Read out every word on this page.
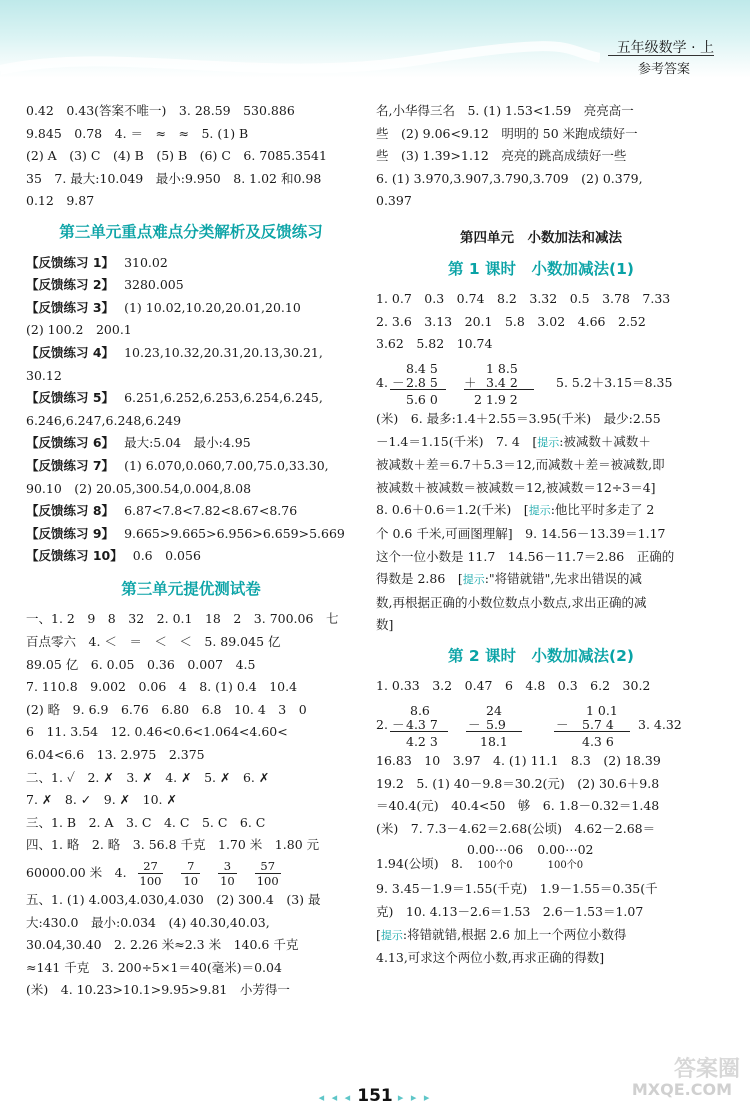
五年级数学 · 上
参考答案
0.42　0.43(答案不唯一)　3. 28.59　530.886
9.845　0.78　4. ＝　≈　≈　5. (1) B
(2) A　(3) C　(4) B　(5) B　(6) C　6. 7085.3541
35　7. 最大:10.049　最小:9.950　8. 1.02 和0.98
0.12　9.87
第三单元重点难点分类解析及反馈练习
【反馈练习 1】 310.02
【反馈练习 2】 3280.005
【反馈练习 3】 (1) 10.02,10.20,20.01,20.10
(2) 100.2　200.1
【反馈练习 4】 10.23,10.32,20.31,20.13,30.21,
30.12
【反馈练习 5】 6.251,6.252,6.253,6.254,6.245,
6.246,6.247,6.248,6.249
【反馈练习 6】 最大:5.04　最小:4.95
【反馈练习 7】 (1) 6.070,0.060,7.00,75.0,33.30,
90.10　(2) 20.05,300.54,0.004,8.08
【反馈练习 8】 6.87<7.8<7.82<8.67<8.76
【反馈练习 9】 9.665>9.665>6.956>6.659>5.669
【反馈练习 10】 0.6　0.056
第三单元提优测试卷
一、1. 2　9　8　32　2. 0.1　18　2　3. 700.06　七
百点零六　4. ＜　＝　＜　＜　5. 89.045 亿
89.05 亿　6. 0.05　0.36　0.007　4.5
7. 110.8　9.002　0.06　4　8. (1) 0.4　10.4
(2) 略　9. 6.9　6.76　6.80　6.8　10. 4　3　0
6　11. 3.54　12. 0.46<0.6<1.064<4.60<
6.04<6.6　13. 2.975　2.375
二、1. ✓　2. ✗　3. ✗　4. ✗　5. ✗　6. ✗
7. ✗　8. ✓　9. ✗　10. ✗
三、1. B　2. A　3. C　4. C　5. C　6. C
四、1. 略　2. 略　3. 56.8 千克　1.70 米　1.80 元
60000.00 米　4. $\frac{27}{100}$
$\frac{7}{10}$
$\frac{3}{10}$
$\frac{57}{100}$
五、1. (1) 4.003,4.030,4.030　(2) 300.4　(3) 最
大:430.0　最小:0.034　(4) 40.30,40.03,
30.04,30.40　2. 2.26 米≈2.3 米　140.6 千克
≈141 千克　3. 200÷5×1＝40(毫米)＝0.04
(米)　4. 10.23>10.1>9.95>9.81　小芳得一
名,小华得三名　5. (1) 1.53<1.59　亮亮高一
些　(2) 9.06<9.12　明明的 50 米跑成绩好一
些　(3) 1.39>1.12　亮亮的跳高成绩好一些
6. (1) 3.970,3.907,3.790,3.709　(2) 0.379,
0.397
第四单元　小数加法和减法
第 1 课时　小数加减法(1)
1. 0.7　0.3　0.74　8.2　3.32　0.5　3.78　7.33
2. 3.6　3.13　20.1　5.8　3.02　4.66　2.52
3.62　5.82　10.74
4.
8.4 5
－ 2.8 5
5.6 0
1 8.5
＋ 3.4 2
2 1.9 2
5. 5.2＋3.15＝8.35
(米)　6. 最多:1.4＋2.55＝3.95(千米)　最少:2.55
－1.4＝1.15(千米)　7. 4　[提示:被减数＋减数＋
被减数＋差＝6.7＋5.3＝12,而减数＋差＝被减数,即
被减数＋被减数＝被减数＝12,被减数＝12÷3＝4]
8. 0.6＋0.6＝1.2(千米)　[提示:他比平时多走了 2
个 0.6 千米,可画图理解]　9. 14.56－13.39＝1.17
这个一位小数是 11.7　14.56－11.7＝2.86　正确的
得数是 2.86　[提示:"将错就错",先求出错误的减
数,再根据正确的小数位数点小数点,求出正确的减
数]
第 2 课时　小数加减法(2)
1. 0.33　3.2　0.47　6　4.8　0.3　6.2　30.2
2.
8.6
－ 4.3 7
4.2 3
24
－ 5.9
18.1
1 0.1
－ 5.7 4
4.3 6
3. 4.32
16.83　10　3.97　4. (1) 11.1　8.3　(2) 18.39
19.2　5. (1) 40－9.8＝30.2(元)　(2) 30.6＋9.8
＝40.4(元)　40.4<50　够　6. 1.8－0.32＝1.48
(米)　7. 7.3－4.62＝2.68(公顷)　4.62－2.68＝
1.94(公顷)　8. 0.00⋯06
100个0
0.00⋯02
100个0
9. 3.45－1.9＝1.55(千克)　1.9－1.55＝0.35(千
克)　10. 4.13－2.6＝1.53　2.6－1.53＝1.07
[提示:将错就错,根据 2.6 加上一个两位小数得
4.13,可求这个两位小数,再求正确的得数]
◂ ◂ ◂ 151 ▸ ▸ ▸
答案圈
MXQE.COM
